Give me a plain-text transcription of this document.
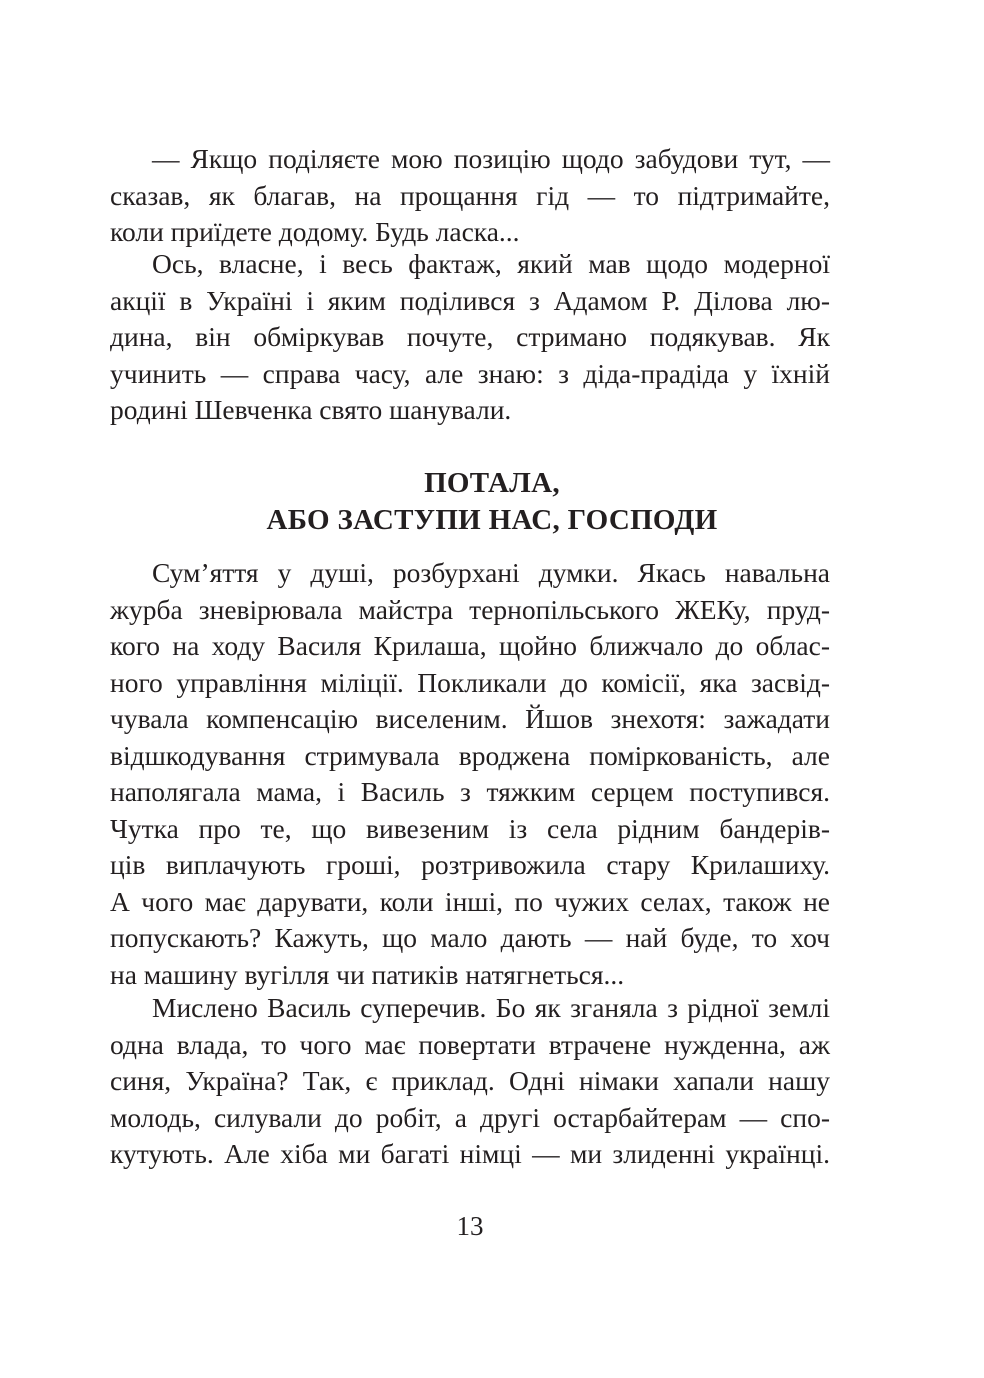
— Якщо поділяєте мою позицію щодо забудови тут, —
сказав, як благав, на прощання гід — то підтримайте,
коли приїдете додому. Будь ласка...
Ось, власне, і весь фактаж, який мав щодо модерної
акції в Україні і яким поділився з Адамом Р. Ділова лю-
дина, він обміркував почуте, стримано подякував. Як
учинить — справа часу, але знаю: з діда-прадіда у їхній
родині Шевченка свято шанували.
ПОТАЛА,
АБО ЗАСТУПИ НАС, ГОСПОДИ
Сум’яття у душі, розбурхані думки. Якась навальна
журба зневірювала майстра тернопільського ЖЕКу, пруд-
кого на ходу Василя Крилаша, щойно ближчало до облас-
ного управління міліції. Покликали до комісії, яка засвід-
чувала компенсацію виселеним. Йшов знехотя: зажадати
відшкодування стримувала вроджена поміркованість, але
наполягала мама, і Василь з тяжким серцем поступився.
Чутка про те, що вивезеним із села рідним бандерів-
ців виплачують гроші, розтривожила стару Крилашиху.
А чого має дарувати, коли інші, по чужих селах, також не
попускають? Кажуть, що мало дають — най буде, то хоч
на машину вугілля чи патиків натягнеться...
Мислено Василь суперечив. Бо як зганяла з рідної землі
одна влада, то чого має повертати втрачене нужденна, аж
синя, Україна? Так, є приклад. Одні німаки хапали нашу
молодь, силували до робіт, а другі остарбайтерам — спо-
кутують. Але хіба ми багаті німці — ми злиденні українці.
13
